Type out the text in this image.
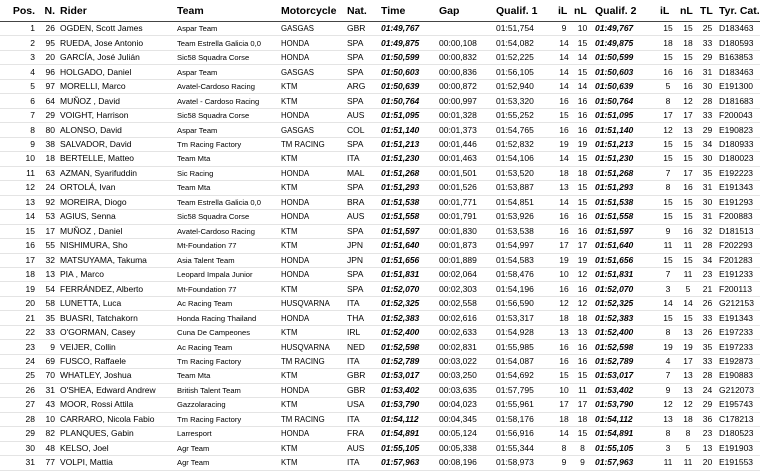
Pos.	N.	Rider	Team	Motorcycle	Nat.	Time	Gap	Qualif. 1	iL	nL	Qualif. 2	iL	nL	TL	Tyr. Cat.
1	26	OGDEN, Scott James	Aspar Team	GASGAS	GBR	01:49,767		01:51,754	9	10	01:49,767	15	15	25	D183463
2	95	RUEDA, Jose Antonio	Team Estrella Galicia 0,0	HONDA	SPA	01:49,875	00:00,108	01:54,082	14	15	01:49,875	18	18	33	D180593
3	20	GARCÍA, José Julián	Sic58 Squadra Corse	HONDA	SPA	01:50,599	00:00,832	01:52,225	14	14	01:50,599	15	15	29	B163853
4	96	HOLGADO, Daniel	Aspar Team	GASGAS	SPA	01:50,603	00:00,836	01:56,105	14	15	01:50,603	16	16	31	D183463
5	97	MORELLI, Marco	Avatel-Cardoso Racing	KTM	ARG	01:50,639	00:00,872	01:52,940	14	14	01:50,639	5	16	30	E191300
6	64	MUÑOZ , David	Avatel - Cardoso Racing	KTM	SPA	01:50,764	00:00,997	01:53,320	16	16	01:50,764	8	12	28	D181683
7	29	VOIGHT, Harrison	Sic58 Squadra Corse	HONDA	AUS	01:51,095	00:01,328	01:55,252	15	16	01:51,095	17	17	33	F200043
8	80	ALONSO, David	Aspar Team	GASGAS	COL	01:51,140	00:01,373	01:54,765	16	16	01:51,140	12	13	29	E190823
9	38	SALVADOR, David	Tm Racing Factory	TM RACING	SPA	01:51,213	00:01,446	01:52,832	19	19	01:51,213	15	15	34	D180933
10	18	BERTELLE, Matteo	Team Mta	KTM	ITA	01:51,230	00:01,463	01:54,106	14	15	01:51,230	15	15	30	D180023
11	63	AZMAN, Syarifuddin	Sic Racing	HONDA	MAL	01:51,268	00:01,501	01:53,520	18	18	01:51,268	7	17	35	E192223
12	24	ORTOLÁ, Ivan	Team Mta	KTM	SPA	01:51,293	00:01,526	01:53,887	13	15	01:51,293	8	16	31	E191343
13	92	MOREIRA, Diogo	Team Estrella Galicia 0,0	HONDA	BRA	01:51,538	00:01,771	01:54,851	14	15	01:51,538	15	15	30	E191293
14	53	AGIUS, Senna	Sic58 Squadra Corse	HONDA	AUS	01:51,558	00:01,791	01:53,926	16	16	01:51,558	15	15	31	F200883
15	17	MUÑOZ , Daniel	Avatel-Cardoso Racing	KTM	SPA	01:51,597	00:01,830	01:53,538	16	16	01:51,597	9	16	32	D181513
16	55	NISHIMURA, Sho	Mt-Foundation 77	KTM	JPN	01:51,640	00:01,873	01:54,997	17	17	01:51,640	11	11	28	F202293
17	32	MATSUYAMA, Takuma	Asia Talent Team	HONDA	JPN	01:51,656	00:01,889	01:54,583	19	19	01:51,656	15	15	34	F201283
18	13	PIA , Marco	Leopard Impala Junior	HONDA	SPA	01:51,831	00:02,064	01:58,476	10	12	01:51,831	7	11	23	E191233
19	54	FERRÁNDEZ, Alberto	Mt-Foundation 77	KTM	SPA	01:52,070	00:02,303	01:54,196	16	16	01:52,070	3	5	21	F200113
20	58	LUNETTA, Luca	Ac Racing Team	HUSQVARNA	ITA	01:52,325	00:02,558	01:56,590	12	12	01:52,325	14	14	26	G212153
21	35	BUASRI, Tatchakorn	Honda Racing Thailand	HONDA	THA	01:52,383	00:02,616	01:53,317	18	18	01:52,383	15	15	33	E191343
22	33	O'GORMAN, Casey	Cuna De Campeones	KTM	IRL	01:52,400	00:02,633	01:54,928	13	13	01:52,400	8	13	26	E197233
23	9	VEIJER, Collin	Ac Racing Team	HUSQVARNA	NED	01:52,598	00:02,831	01:55,985	16	16	01:52,598	19	19	35	E197233
24	69	FUSCO, Raffaele	Tm Racing Factory	TM RACING	ITA	01:52,789	00:03,022	01:54,087	16	16	01:52,789	4	17	33	E192873
25	70	WHATLEY, Joshua	Team Mta	KTM	GBR	01:53,017	00:03,250	01:54,692	15	15	01:53,017	7	13	28	E190883
26	31	O'SHEA, Edward Andrew	British Talent Team	HONDA	GBR	01:53,402	00:03,635	01:57,795	10	11	01:53,402	9	13	24	G212073
27	43	MOOR, Rossi Attila	Gazzolaracing	KTM	USA	01:53,790	00:04,023	01:55,961	17	17	01:53,790	12	12	29	E195743
28	10	CARRARO, Nicola Fabio	Tm Racing Factory	TM RACING	ITA	01:54,112	00:04,345	01:58,176	18	18	01:54,112	13	18	36	C178213
29	82	PLANQUES, Gabin	Larresport	HONDA	FRA	01:54,891	00:05,124	01:56,916	14	15	01:54,891	8	8	23	D180523
30	48	KELSO, Joel	Agr Team	KTM	AUS	01:55,105	00:05,338	01:55,344	8	8	01:55,105	3	5	13	E191903
31	77	VOLPI, Mattia	Agr Team	KTM	ITA	01:57,963	00:08,196	01:58,973	9	9	01:57,963	11	11	20	E191553
